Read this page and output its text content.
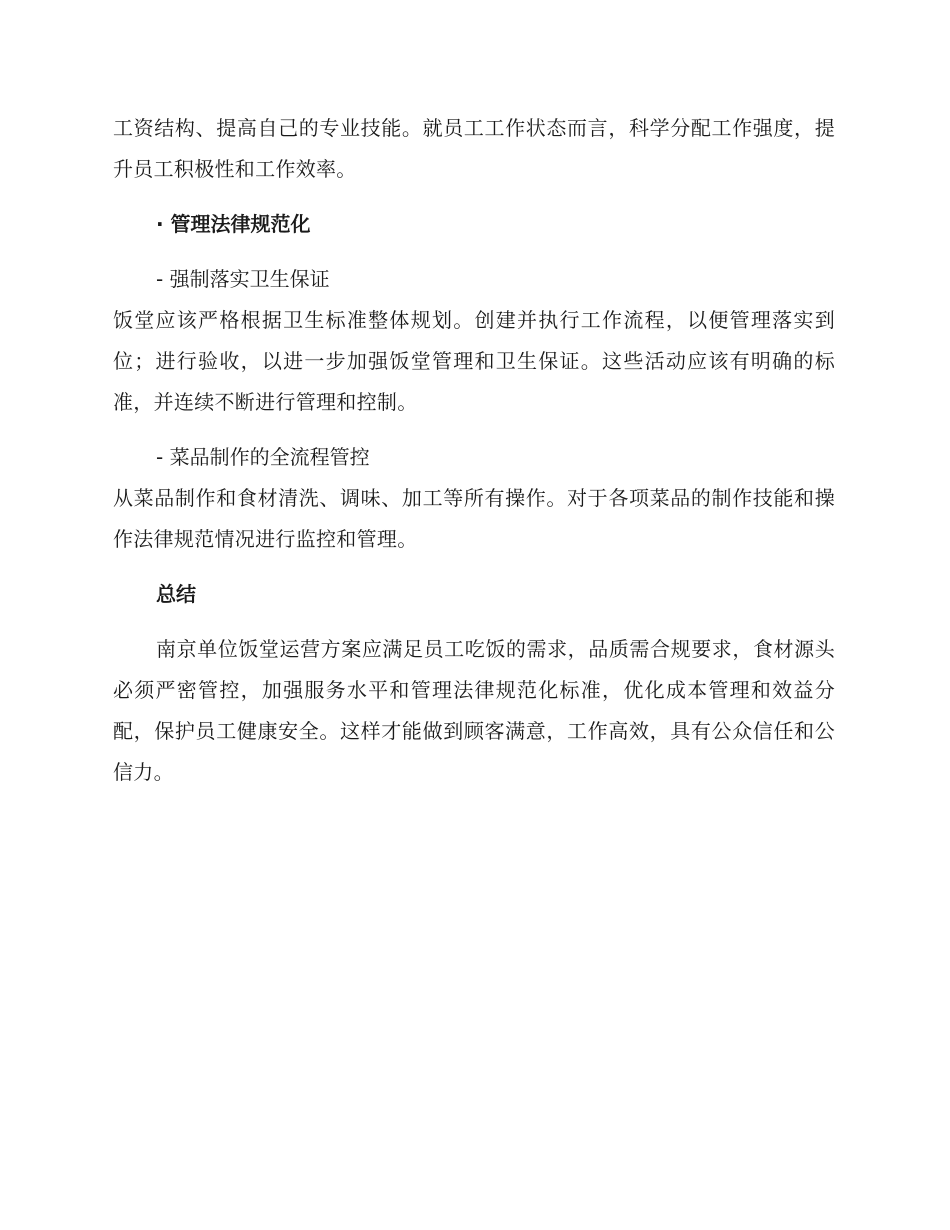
工资结构、提高自己的专业技能。就员工工作状态而言，科学分配工作强度，提升员工积极性和工作效率。

· 管理法律规范化

- 强制落实卫生保证

饭堂应该严格根据卫生标准整体规划。创建并执行工作流程，以便管理落实到位；进行验收，以进一步加强饭堂管理和卫生保证。这些活动应该有明确的标准，并连续不断进行管理和控制。

- 菜品制作的全流程管控

从菜品制作和食材清洗、调味、加工等所有操作。对于各项菜品的制作技能和操作法律规范情况进行监控和管理。

总结

南京单位饭堂运营方案应满足员工吃饭的需求，品质需合规要求，食材源头必须严密管控，加强服务水平和管理法律规范化标准，优化成本管理和效益分配，保护员工健康安全。这样才能做到顾客满意，工作高效，具有公众信任和公信力。
